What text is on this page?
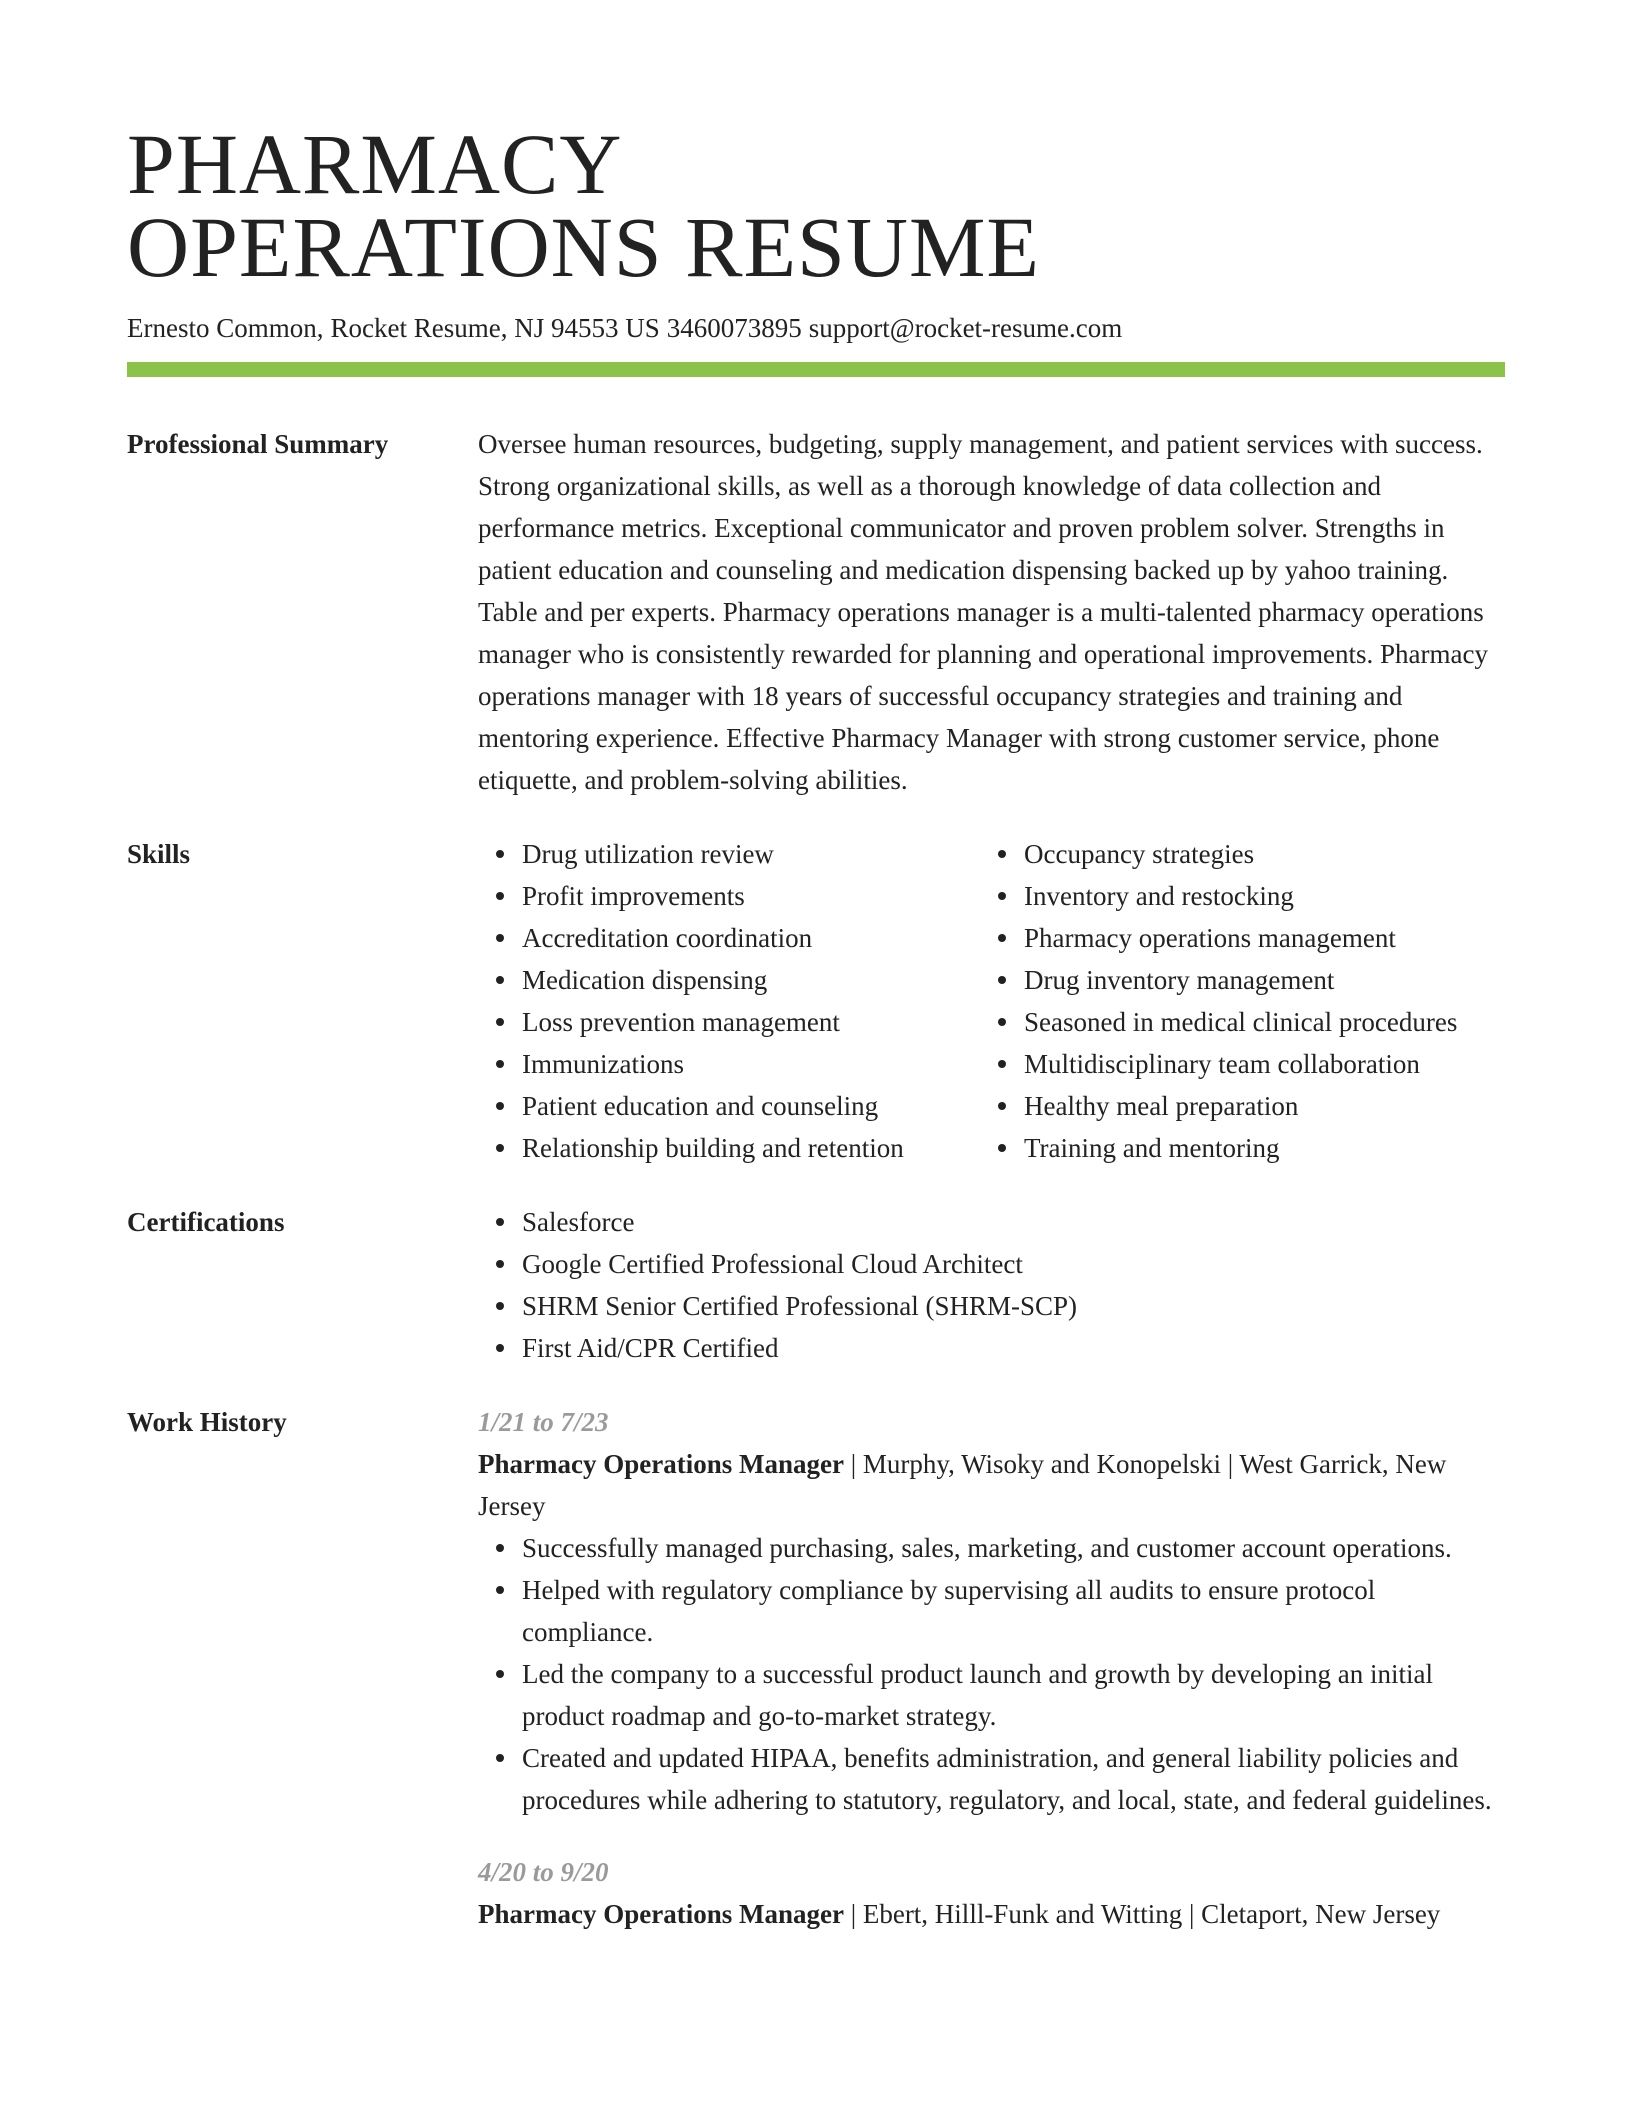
PHARMACY
OPERATIONS RESUME
Ernesto Common, Rocket Resume, NJ 94553 US 3460073895 support@rocket-resume.com
Professional Summary	Oversee human resources, budgeting, supply management, and patient services with success. Strong organizational skills, as well as a thorough knowledge of data collection and performance metrics. Exceptional communicator and proven problem solver. Strengths in patient education and counseling and medication dispensing backed up by yahoo training. Table and per experts. Pharmacy operations manager is a multi-talented pharmacy operations manager who is consistently rewarded for planning and operational improvements. Pharmacy operations manager with 18 years of successful occupancy strategies and training and mentoring experience. Effective Pharmacy Manager with strong customer service, phone etiquette, and problem-solving abilities.
Skills	Drug utilization review
Profit improvements
Accreditation coordination
Medication dispensing
Loss prevention management
Immunizations
Patient education and counseling
Relationship building and retention
Occupancy strategies
Inventory and restocking
Pharmacy operations management
Drug inventory management
Seasoned in medical clinical procedures
Multidisciplinary team collaboration
Healthy meal preparation
Training and mentoring
Certifications	Salesforce
Google Certified Professional Cloud Architect
SHRM Senior Certified Professional (SHRM-SCP)
First Aid/CPR Certified
Work History	1/21 to 7/23
Pharmacy Operations Manager | Murphy, Wisoky and Konopelski | West Garrick, New Jersey
Successfully managed purchasing, sales, marketing, and customer account operations.
Helped with regulatory compliance by supervising all audits to ensure protocol compliance.
Led the company to a successful product launch and growth by developing an initial product roadmap and go-to-market strategy.
Created and updated HIPAA, benefits administration, and general liability policies and procedures while adhering to statutory, regulatory, and local, state, and federal guidelines.
4/20 to 9/20
Pharmacy Operations Manager | Ebert, Hilll-Funk and Witting | Cletaport, New Jersey
